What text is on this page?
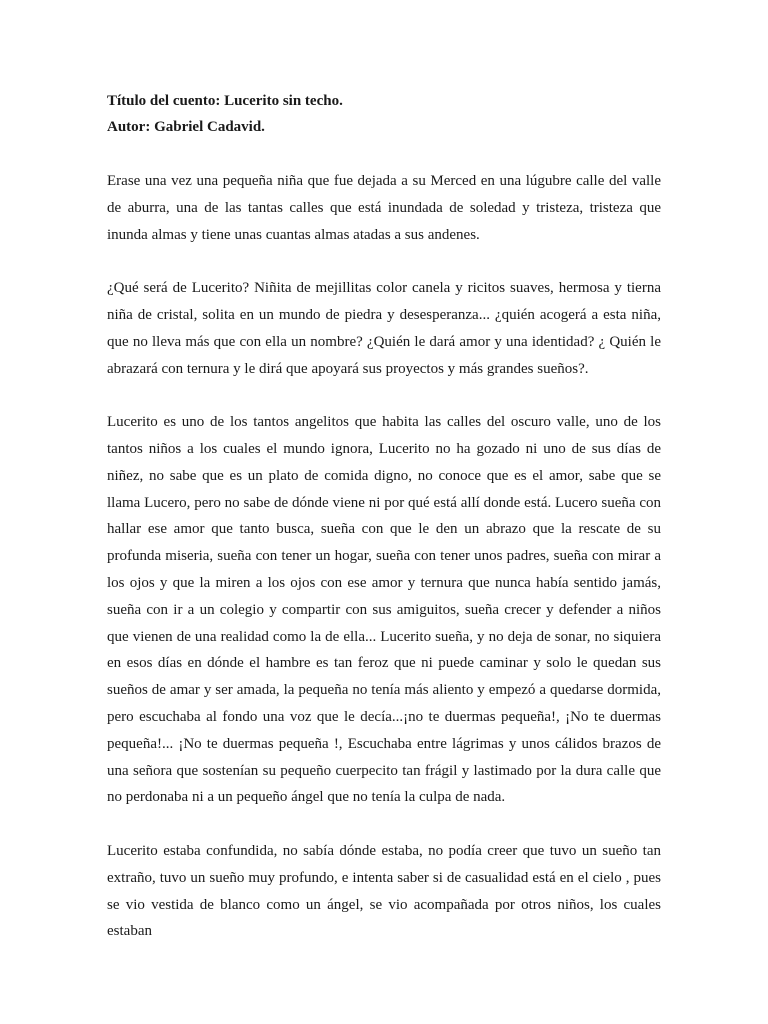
Título del cuento: Lucerito sin techo.

Autor: Gabriel Cadavid.

Erase una vez una pequeña niña que fue dejada a su Merced en una lúgubre calle del valle de aburra, una de las tantas calles que está inundada de soledad y tristeza, tristeza que inunda almas y tiene unas cuantas almas atadas a sus andenes.

¿Qué será de Lucerito? Niñita de mejillitas color canela y ricitos suaves, hermosa y tierna niña de cristal, solita en un mundo de piedra y desesperanza... ¿quién acogerá a esta niña, que no lleva más que con ella un nombre? ¿Quién le dará amor y una identidad? ¿ Quién le abrazará con ternura y le dirá que apoyará sus proyectos y más grandes sueños?.

Lucerito es uno de los tantos angelitos que habita las calles del oscuro valle, uno de los tantos niños a los cuales el mundo ignora, Lucerito no ha gozado ni uno de sus días de niñez, no sabe que es un plato de comida digno, no conoce que es el amor, sabe que se llama Lucero, pero no sabe de dónde viene ni por qué está allí donde está. Lucero sueña con hallar ese amor que tanto busca, sueña con que le den un abrazo que la rescate de su profunda miseria, sueña con tener un hogar, sueña con tener unos padres, sueña con mirar a los ojos y que la miren a los ojos con ese amor y ternura que nunca había sentido jamás, sueña con ir a un colegio y compartir con sus amiguitos, sueña crecer y defender a niños que vienen de una realidad como la de ella... Lucerito sueña, y no deja de sonar, no siquiera en esos días en dónde el hambre es tan feroz que ni puede caminar y solo le quedan sus sueños de amar y ser amada, la pequeña no tenía más aliento y empezó a quedarse dormida, pero escuchaba al fondo una voz que le decía...¡no te duermas pequeña!, ¡No te duermas pequeña!... ¡No te duermas pequeña !, Escuchaba entre lágrimas y unos cálidos brazos de una señora que sostenían su pequeño cuerpecito tan frágil y lastimado por la dura calle que no perdonaba ni a un pequeño ángel que no tenía la culpa de nada.

Lucerito estaba confundida, no sabía dónde estaba, no podía creer que tuvo un sueño tan extraño, tuvo un sueño muy profundo, e intenta saber si de casualidad está en el cielo , pues se vio vestida de blanco como un ángel, se vio acompañada por otros niños, los cuales estaban
